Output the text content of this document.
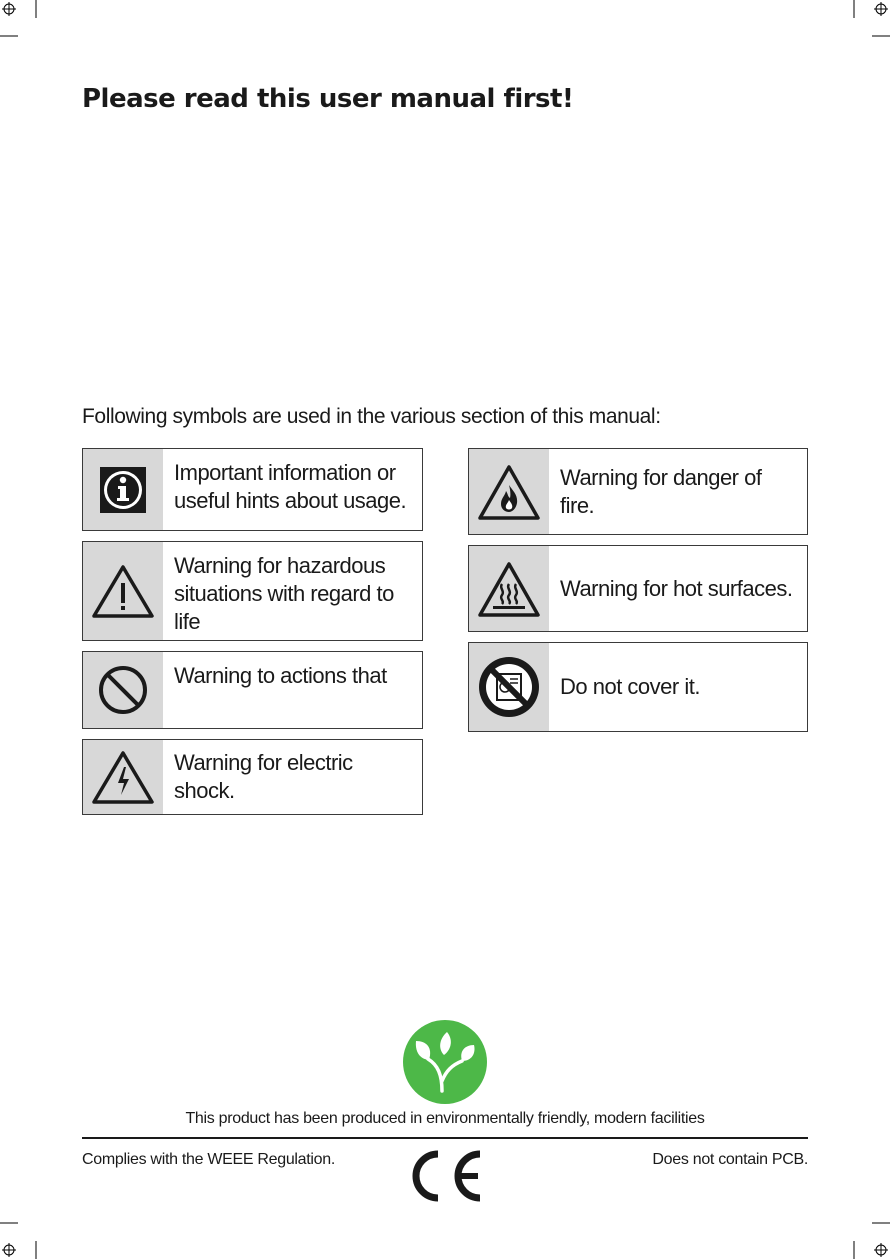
Please read this user manual first!

Following symbols are used in the various section of this manual:

Important information or
useful hints about usage.
Warning for hazardous
situations with regard to life
Warning to actions that
Warning for electric shock.
Warning for danger of fire.
Warning for hot surfaces.
Do not cover it.

This product has been produced in environmentally friendly, modern facilities

Complies with the WEEE Regulation.	Does not contain PCB.
